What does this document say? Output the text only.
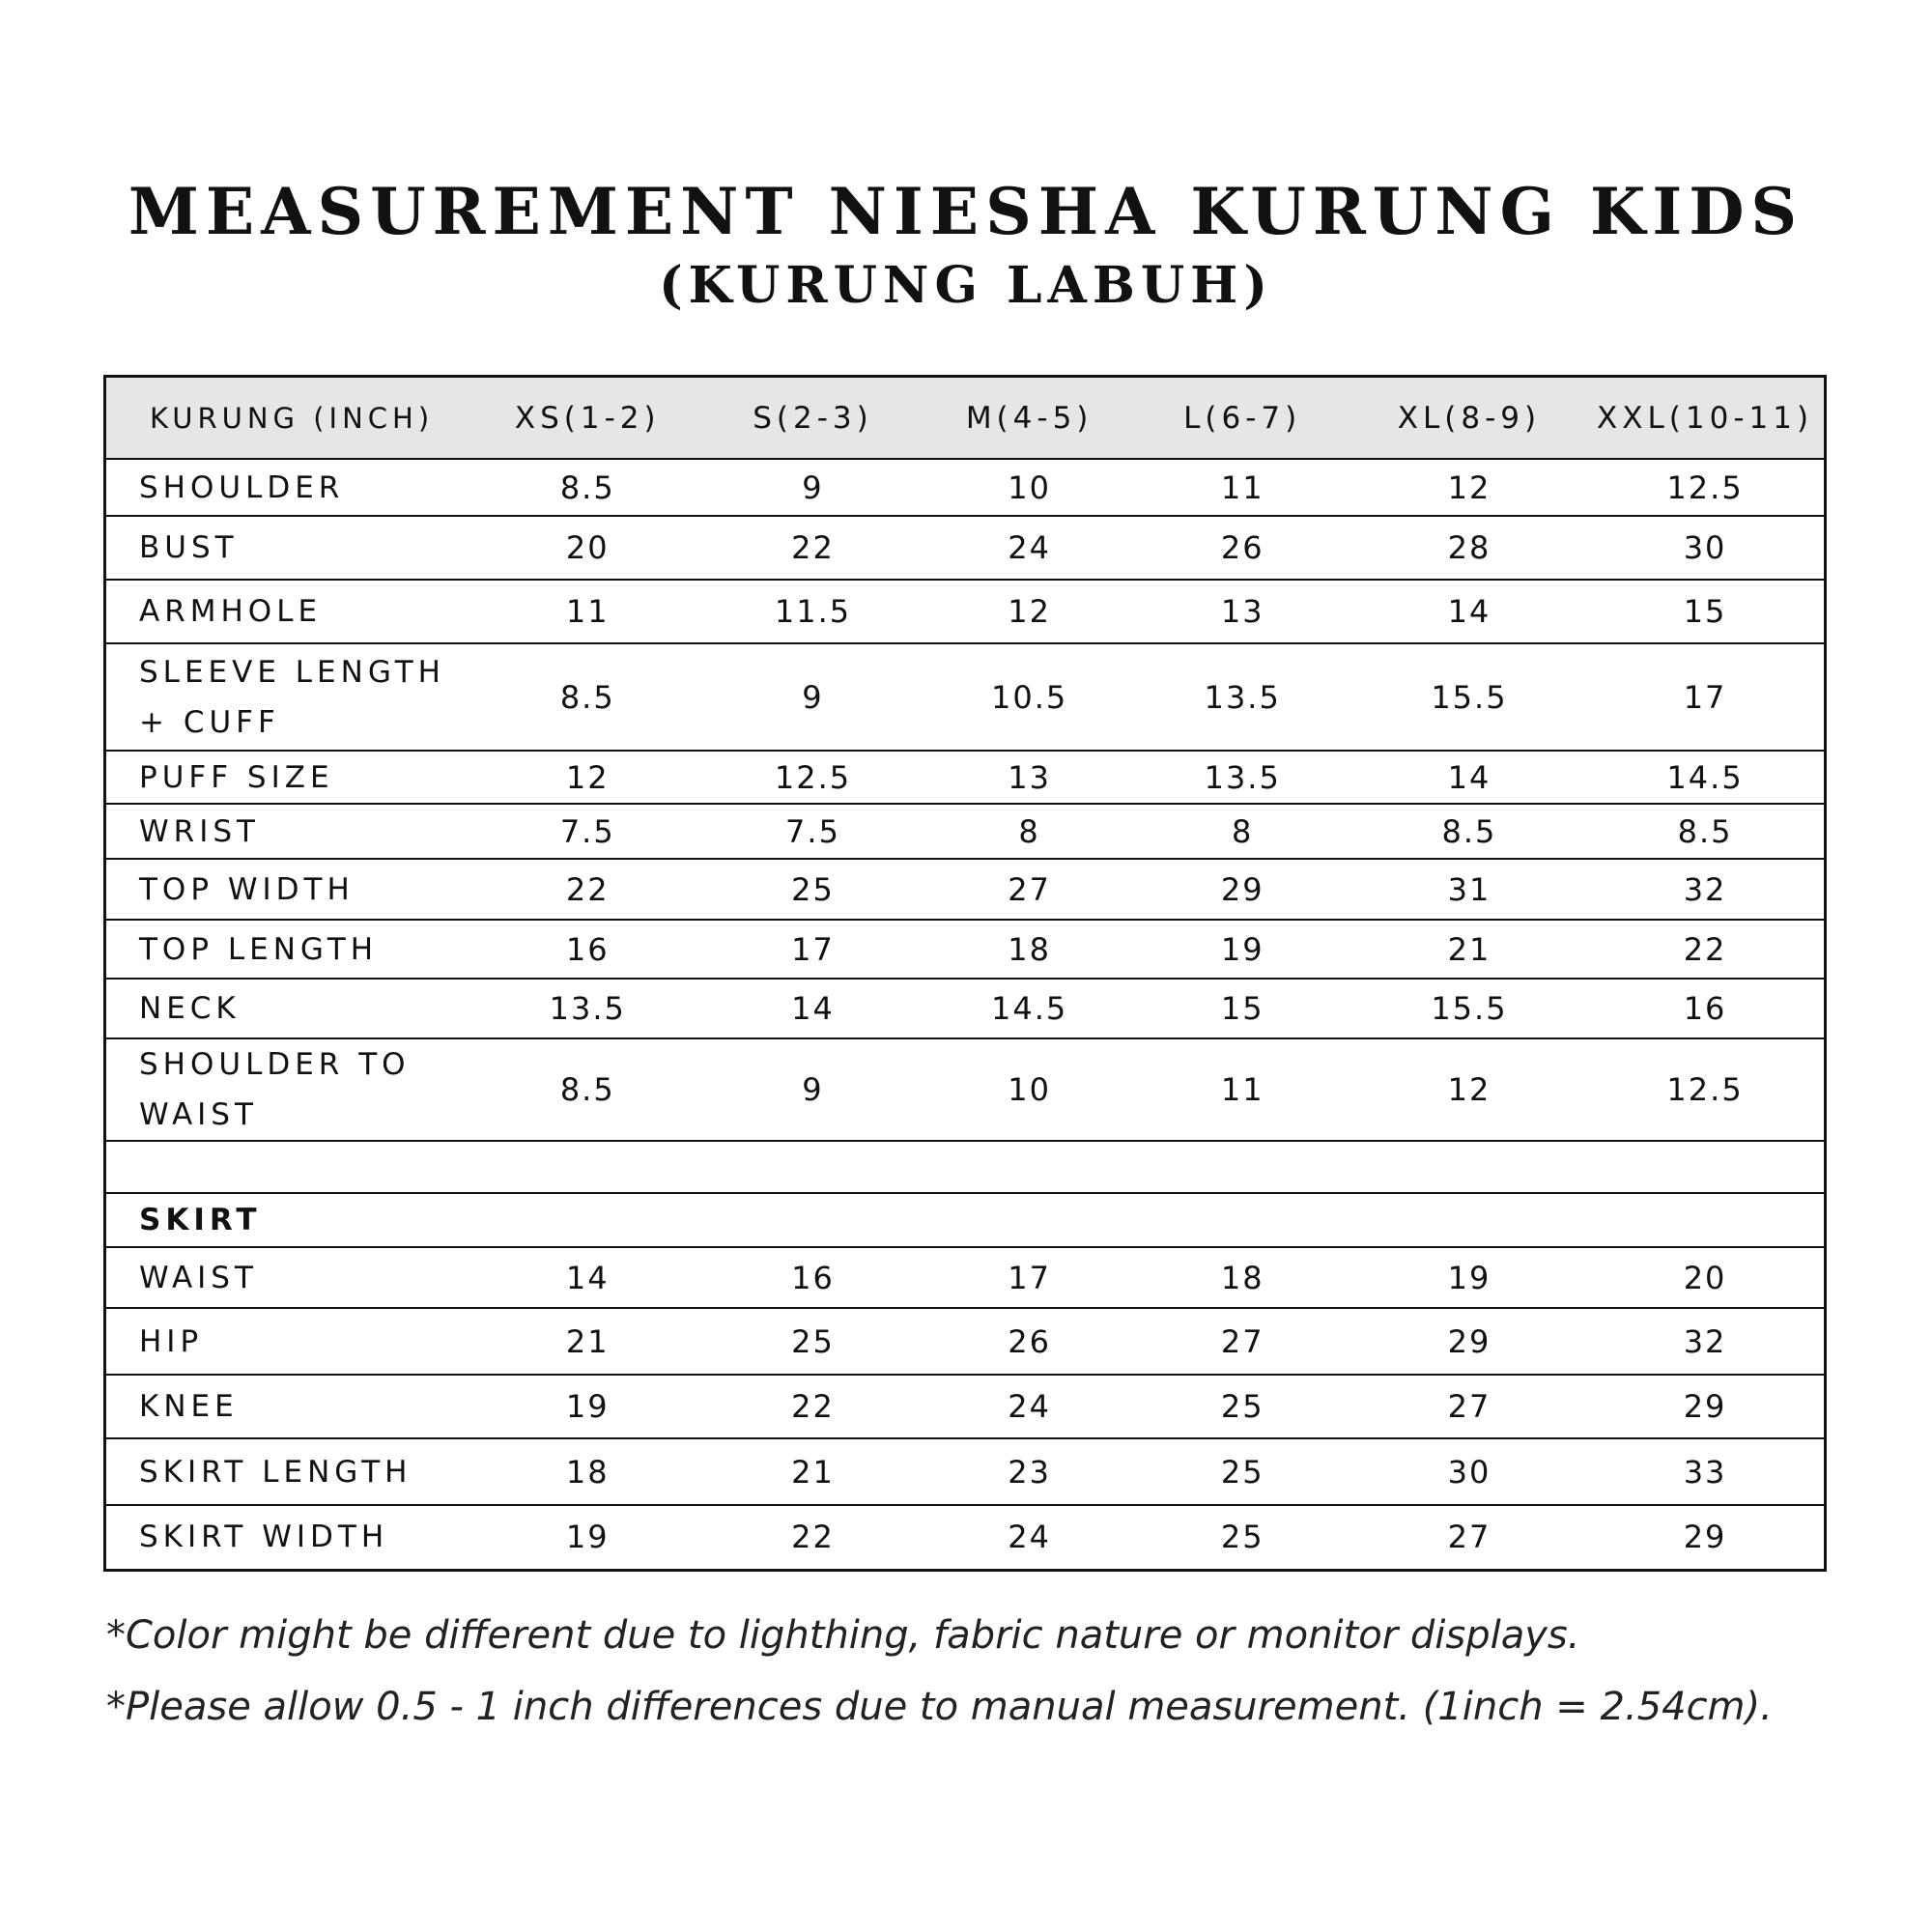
MEASUREMENT NIESHA KURUNG KIDS
(KURUNG LABUH)
KURUNG (INCH)	XS(1-2)	S(2-3)	M(4-5)	L(6-7)	XL(8-9)	XXL(10-11)
SHOULDER	8.5	9	10	11	12	12.5
BUST	20	22	24	26	28	30
ARMHOLE	11	11.5	12	13	14	15
SLEEVE LENGTH + CUFF	8.5	9	10.5	13.5	15.5	17
PUFF SIZE	12	12.5	13	13.5	14	14.5
WRIST	7.5	7.5	8	8	8.5	8.5
TOP WIDTH	22	25	27	29	31	32
TOP LENGTH	16	17	18	19	21	22
NECK	13.5	14	14.5	15	15.5	16
SHOULDER TO WAIST	8.5	9	10	11	12	12.5

SKIRT						
WAIST	14	16	17	18	19	20
HIP	21	25	26	27	29	32
KNEE	19	22	24	25	27	29
SKIRT LENGTH	18	21	23	25	30	33
SKIRT WIDTH	19	22	24	25	27	29

*Color might be different due to lighthing, fabric nature or monitor displays.

*Please allow 0.5 - 1 inch differences due to manual measurement. (1inch = 2.54cm).
